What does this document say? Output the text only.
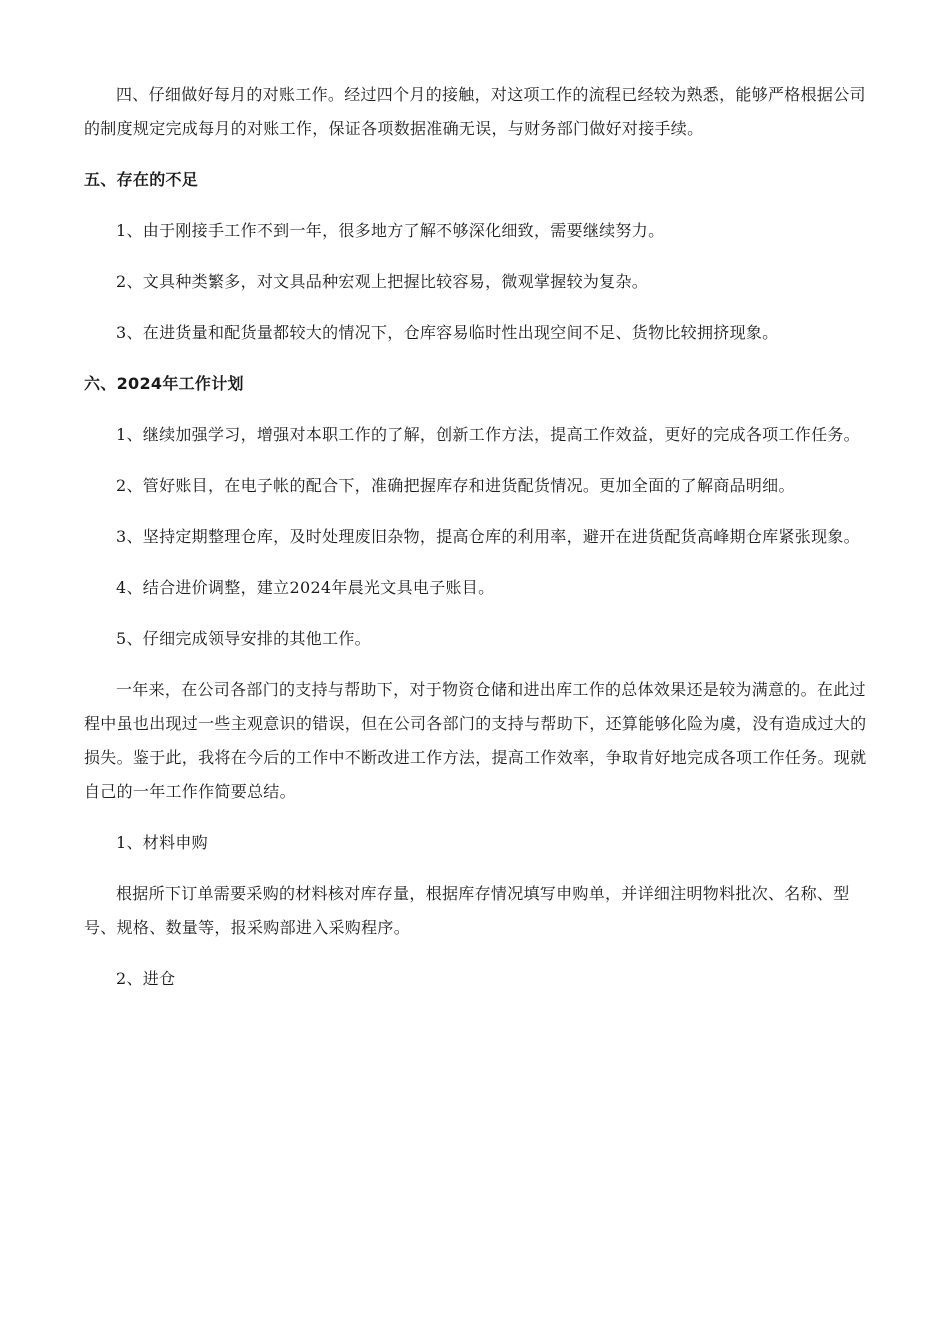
四、仔细做好每月的对账工作。经过四个月的接触，对这项工作的流程已经较为熟悉，能够严格根据公司的制度规定完成每月的对账工作，保证各项数据准确无误，与财务部门做好对接手续。

五、存在的不足

1、由于刚接手工作不到一年，很多地方了解不够深化细致，需要继续努力。

2、文具种类繁多，对文具品种宏观上把握比较容易，微观掌握较为复杂。

3、在进货量和配货量都较大的情况下，仓库容易临时性出现空间不足、货物比较拥挤现象。

六、2024年工作计划

1、继续加强学习，增强对本职工作的了解，创新工作方法，提高工作效益，更好的完成各项工作任务。

2、管好账目，在电子帐的配合下，准确把握库存和进货配货情况。更加全面的了解商品明细。

3、坚持定期整理仓库，及时处理废旧杂物，提高仓库的利用率，避开在进货配货高峰期仓库紧张现象。

4、结合进价调整，建立2024年晨光文具电子账目。

5、仔细完成领导安排的其他工作。

一年来，在公司各部门的支持与帮助下，对于物资仓储和进出库工作的总体效果还是较为满意的。在此过程中虽也出现过一些主观意识的错误，但在公司各部门的支持与帮助下，还算能够化险为虞，没有造成过大的损失。鉴于此，我将在今后的工作中不断改进工作方法，提高工作效率，争取肯好地完成各项工作任务。现就自己的一年工作作简要总结。

1、材料申购

根据所下订单需要采购的材料核对库存量，根据库存情况填写申购单，并详细注明物料批次、名称、型号、规格、数量等，报采购部进入采购程序。

2、进仓
